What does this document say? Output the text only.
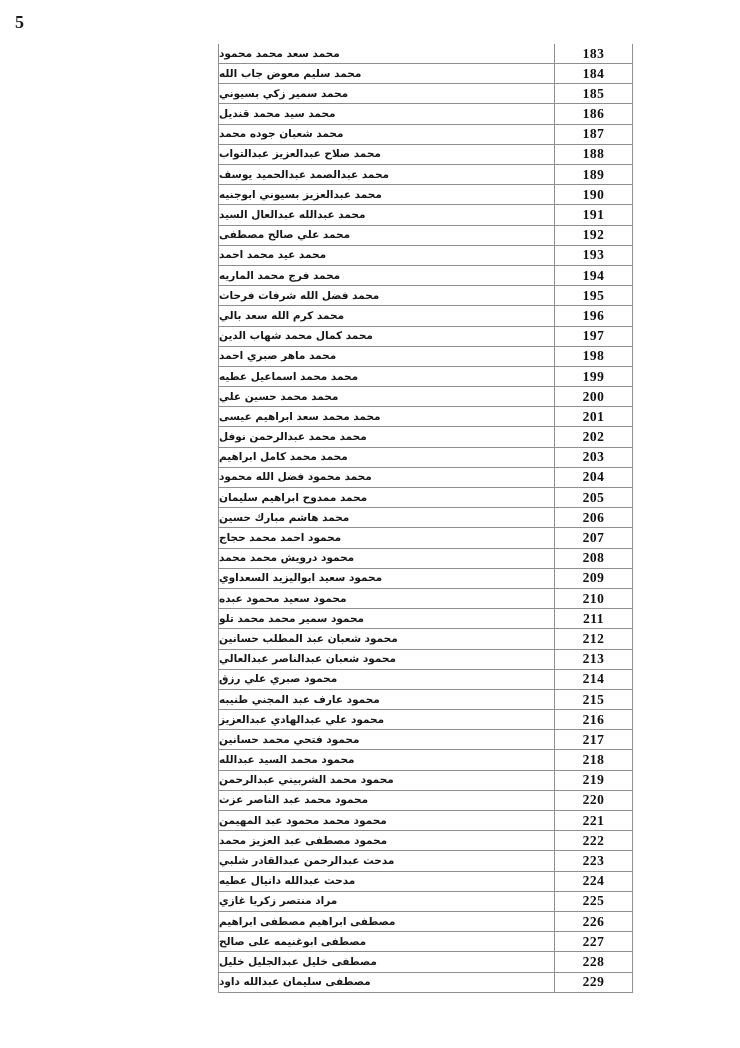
5
محمد سعد محمد محمود	183
محمد سليم معوض جاب الله	184
محمد سمير زكي بسيوني	185
محمد سيد محمد قنديل	186
محمد شعبان جوده محمد	187
محمد صلاح عبدالعزيز عبدالتواب	188
محمد عبدالصمد عبدالحميد يوسف	189
محمد عبدالعزيز بسيوني ابوجنيه	190
محمد عبدالله عبدالعال السيد	191
محمد علي صالح مصطفى	192
محمد عيد محمد احمد	193
محمد فرج محمد الماريه	194
محمد فضل الله شرفات فرحات	195
محمد كرم الله سعد بالي	196
محمد كمال محمد شهاب الدين	197
محمد ماهر صبري احمد	198
محمد محمد اسماعيل عطيه	199
محمد محمد حسين علي	200
محمد محمد سعد ابراهيم عيسى	201
محمد محمد عبدالرحمن نوفل	202
محمد محمد كامل ابراهيم	203
محمد محمود فضل الله محمود	204
محمد ممدوح ابراهيم سليمان	205
محمد هاشم مبارك حسين	206
محمود احمد محمد حجاج	207
محمود درويش محمد محمد	208
محمود سعيد ابواليزيد السعداوي	209
محمود سعيد محمود عبده	210
محمود سمير محمد محمد تلو	211
محمود شعبان عبد المطلب حسانين	212
محمود شعبان عبدالناصر عبدالعالي	213
محمود صبري علي رزق	214
محمود عارف عبد المجني طنيبه	215
محمود علي عبدالهادي عبدالعزيز	216
محمود فتحي محمد حسانين	217
محمود محمد السيد عبدالله	218
محمود محمد الشربيني عبدالرحمن	219
محمود محمد عبد الناصر عزت	220
محمود محمد محمود عبد المهيمن	221
محمود مصطفى عبد العزيز محمد	222
مدحت عبدالرحمن عبدالقادر شلبي	223
مدحت عبدالله دانيال عطيه	224
مراد منتصر زكريا غازي	225
مصطفى ابراهيم مصطفى ابراهيم	226
مصطفى ابوغنيمه على صالح	227
مصطفى خليل عبدالجليل خليل	228
مصطفى سليمان عبدالله داود	229
